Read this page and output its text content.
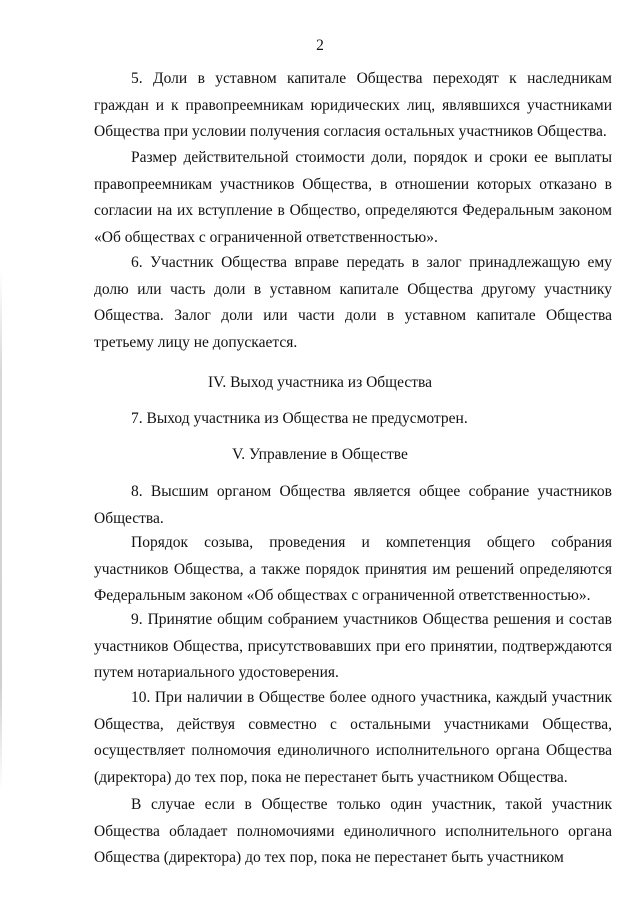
2

5. Доли в уставном капитале Общества переходят к наследникам граждан и к правопреемникам юридических лиц, являвшихся участниками Общества при условии получения согласия остальных участников Общества.

Размер действительной стоимости доли, порядок и сроки ее выплаты правопреемникам участников Общества, в отношении которых отказано в согласии на их вступление в Общество, определяются Федеральным законом «Об обществах с ограниченной ответственностью».

6. Участник Общества вправе передать в залог принадлежащую ему долю или часть доли в уставном капитале Общества другому участнику Общества. Залог доли или части доли в уставном капитале Общества третьему лицу не допускается.

IV. Выход участника из Общества

7. Выход участника из Общества не предусмотрен.

V. Управление в Обществе

8. Высшим органом Общества является общее собрание участников Общества.

Порядок созыва, проведения и компетенция общего собрания участников Общества, а также порядок принятия им решений определяются Федеральным законом «Об обществах с ограниченной ответственностью».

9. Принятие общим собранием участников Общества решения и состав участников Общества, присутствовавших при его принятии, подтверждаются путем нотариального удостоверения.

10. При наличии в Обществе более одного участника, каждый участник Общества, действуя совместно с остальными участниками Общества, осуществляет полномочия единоличного исполнительного органа Общества (директора) до тех пор, пока не перестанет быть участником Общества.

В случае если в Обществе только один участник, такой участник Общества обладает полномочиями единоличного исполнительного органа Общества (директора) до тех пор, пока не перестанет быть участником
